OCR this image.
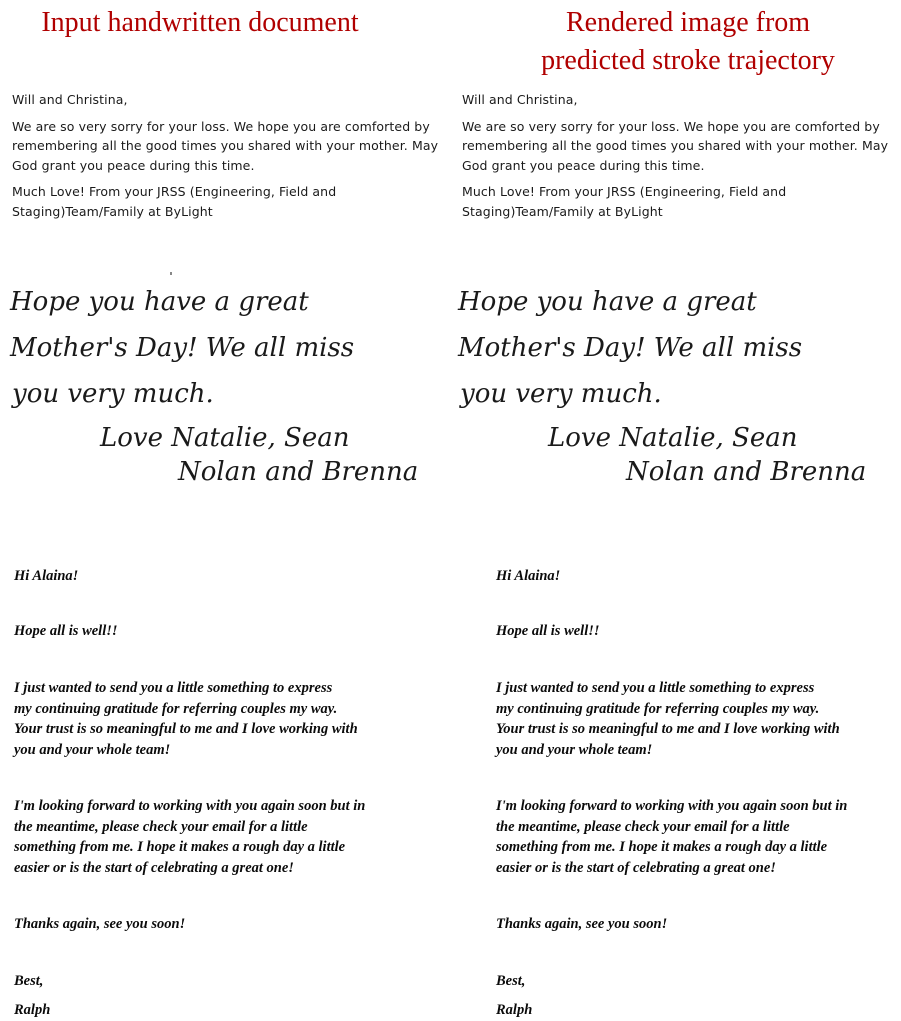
Input handwritten document

Will and Christina,

We are so very sorry for your loss. We hope you are comforted by
remembering all the good times you shared with your mother. May
God grant you peace during this time.

Much Love! From your JRSS (Engineering, Field and
Staging)Team/Family at ByLight

Hope you have a great
Mother's Day! We all miss
you very much.
Love Natalie, Sean
Nolan and Brenna
Hi Alaina!
Hope all is well!!
I just wanted to send you a little something to express
my continuing gratitude for referring couples my way.
Your trust is so meaningful to me and I love working with
you and your whole team!
I'm looking forward to working with you again soon but in
the meantime, please check your email for a little
something from me. I hope it makes a rough day a little
easier or is the start of celebrating a great one!
Thanks again, see you soon!
Best,
Ralph
Rendered image from
predicted stroke trajectory

Will and Christina,

We are so very sorry for your loss. We hope you are comforted by
remembering all the good times you shared with your mother. May
God grant you peace during this time.

Much Love! From your JRSS (Engineering, Field and
Staging)Team/Family at ByLight

Hope you have a great
Mother's Day! We all miss
you very much.
Love Natalie, Sean
Nolan and Brenna
Hi Alaina!
Hope all is well!!
I just wanted to send you a little something to express
my continuing gratitude for referring couples my way.
Your trust is so meaningful to me and I love working with
you and your whole team!
I'm looking forward to working with you again soon but in
the meantime, please check your email for a little
something from me. I hope it makes a rough day a little
easier or is the start of celebrating a great one!
Thanks again, see you soon!
Best,
Ralph
